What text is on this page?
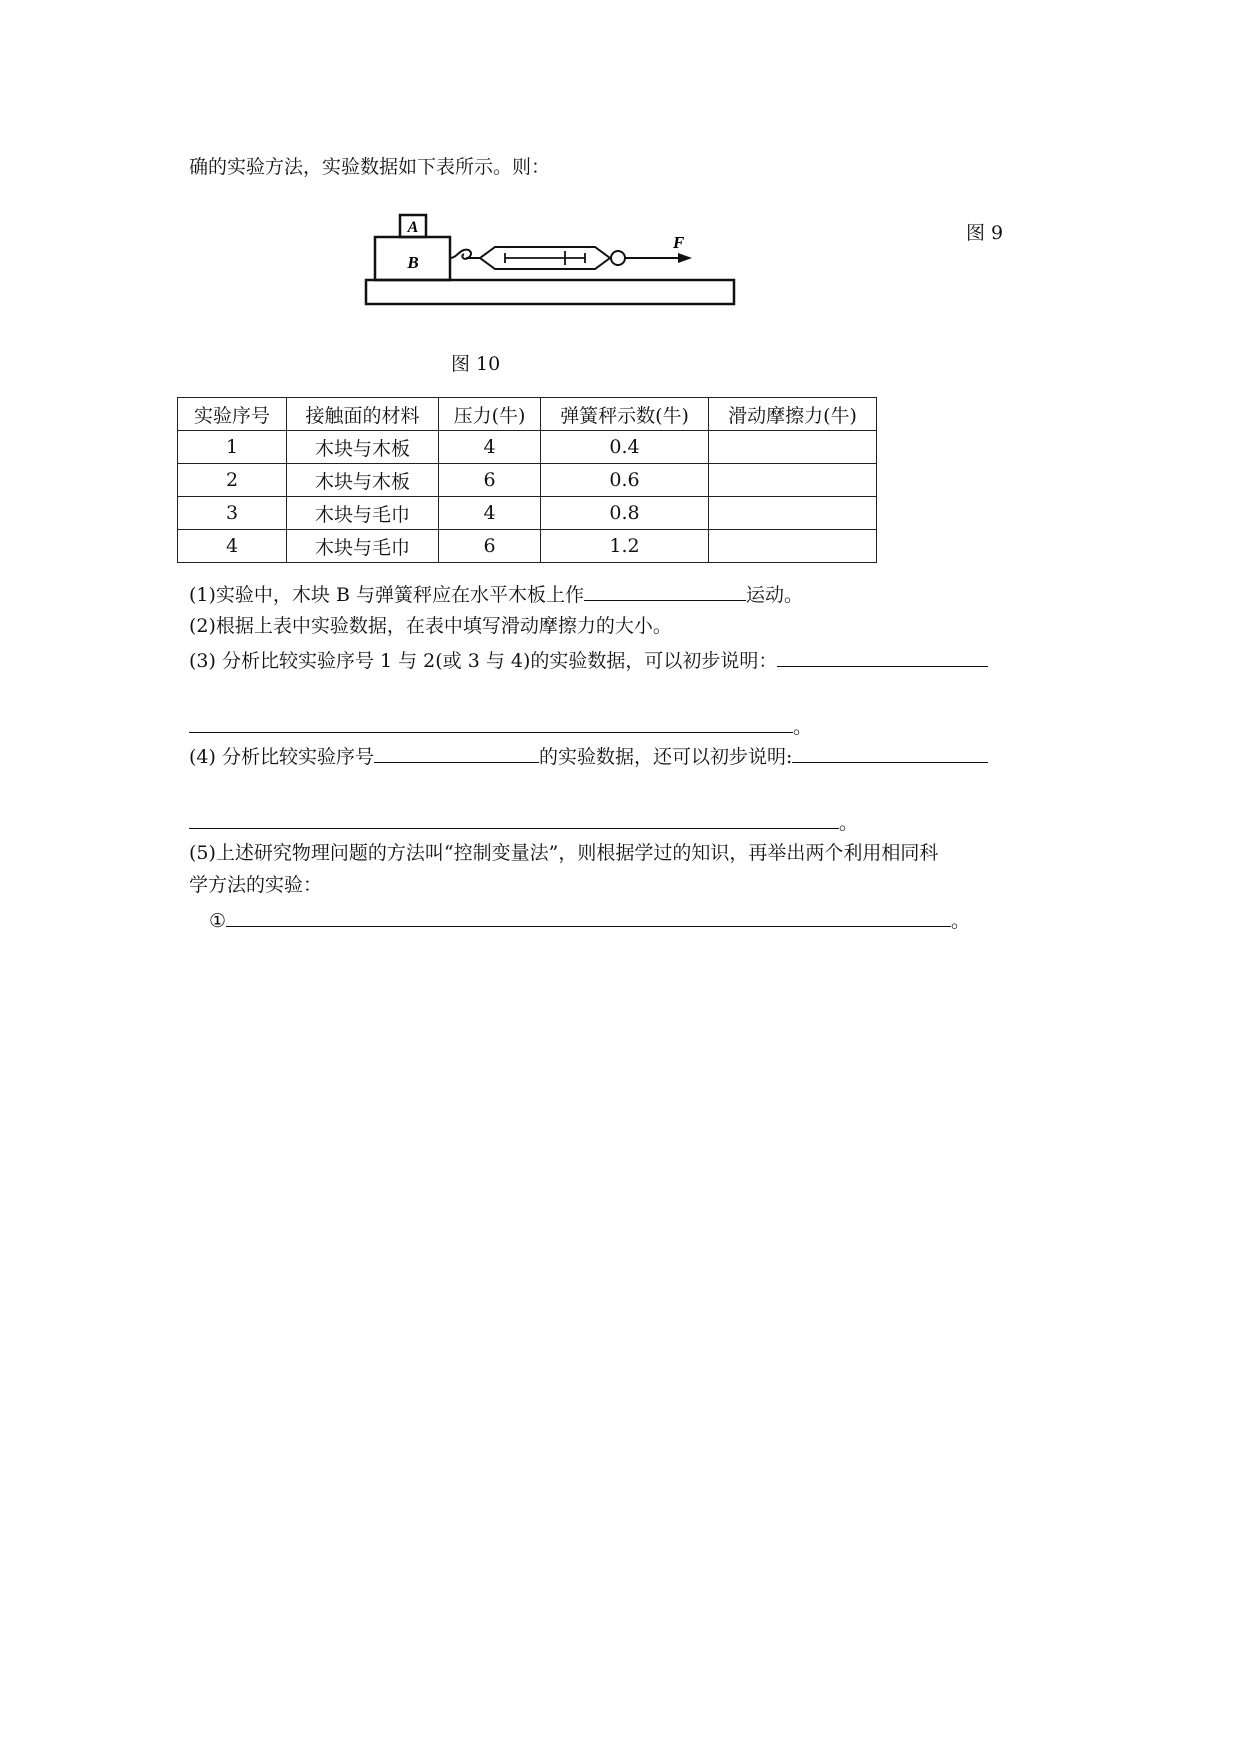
确的实验方法，实验数据如下表所示。则：
A
B
F	图 9
图 10
实验序号	接触面的材料	压力(牛)	弹簧秤示数(牛)	滑动摩擦力(牛)
1	木块与木板	4	0.4	
2	木块与木板	6	0.6	
3	木块与毛巾	4	0.8	
4	木块与毛巾	6	1.2	
(1)实验中，木块 B 与弹簧秤应在水平木板上作	运动。
(2)根据上表中实验数据，在表中填写滑动摩擦力的大小。
(3) 分析比较实验序号 1 与 2(或 3 与 4)的实验数据，可以初步说明：
。
(4) 分析比较实验序号	的实验数据，还可以初步说明:
。
(5)上述研究物理问题的方法叫“控制变量法”，则根据学过的知识，再举出两个利用相同科
学方法的实验：
①	。
